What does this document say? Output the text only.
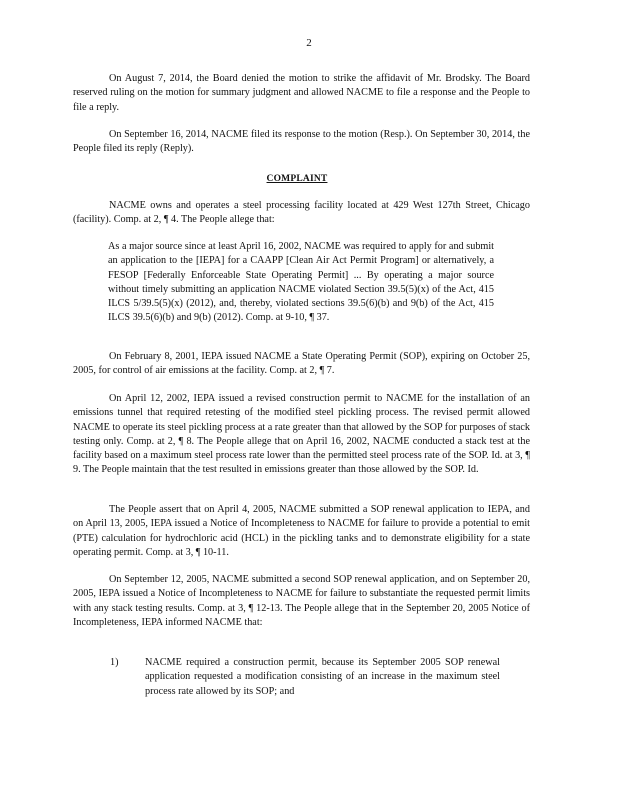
2

On August 7, 2014, the Board denied the motion to strike the affidavit of Mr. Brodsky. The Board reserved ruling on the motion for summary judgment and allowed NACME to file a response and the People to file a reply.

On September 16, 2014, NACME filed its response to the motion (Resp.). On September 30, 2014, the People filed its reply (Reply).

COMPLAINT

NACME owns and operates a steel processing facility located at 429 West 127th Street, Chicago (facility). Comp. at 2, ¶ 4. The People allege that:

As a major source since at least April 16, 2002, NACME was required to apply for and submit an application to the [IEPA] for a CAAPP [Clean Air Act Permit Program] or alternatively, a FESOP [Federally Enforceable State Operating Permit] ... By operating a major source without timely submitting an application NACME violated Section 39.5(5)(x) of the Act, 415 ILCS 5/39.5(5)(x) (2012), and, thereby, violated sections 39.5(6)(b) and 9(b) of the Act, 415 ILCS 39.5(6)(b) and 9(b) (2012). Comp. at 9-10, ¶ 37.

On February 8, 2001, IEPA issued NACME a State Operating Permit (SOP), expiring on October 25, 2005, for control of air emissions at the facility. Comp. at 2, ¶ 7.

On April 12, 2002, IEPA issued a revised construction permit to NACME for the installation of an emissions tunnel that required retesting of the modified steel pickling process. The revised permit allowed NACME to operate its steel pickling process at a rate greater than that allowed by the SOP for purposes of stack testing only. Comp. at 2, ¶ 8. The People allege that on April 16, 2002, NACME conducted a stack test at the facility based on a maximum steel process rate lower than the permitted steel process rate of the SOP. Id. at 3, ¶ 9. The People maintain that the test resulted in emissions greater than those allowed by the SOP. Id.

The People assert that on April 4, 2005, NACME submitted a SOP renewal application to IEPA, and on April 13, 2005, IEPA issued a Notice of Incompleteness to NACME for failure to provide a potential to emit (PTE) calculation for hydrochloric acid (HCL) in the pickling tanks and to demonstrate eligibility for a state operating permit. Comp. at 3, ¶ 10-11.

On September 12, 2005, NACME submitted a second SOP renewal application, and on September 20, 2005, IEPA issued a Notice of Incompleteness to NACME for failure to substantiate the requested permit limits with any stack testing results. Comp. at 3, ¶ 12-13. The People allege that in the September 20, 2005 Notice of Incompleteness, IEPA informed NACME that:

1)	NACME required a construction permit, because its September 2005 SOP renewal application requested a modification consisting of an increase in the maximum steel process rate allowed by its SOP; and
